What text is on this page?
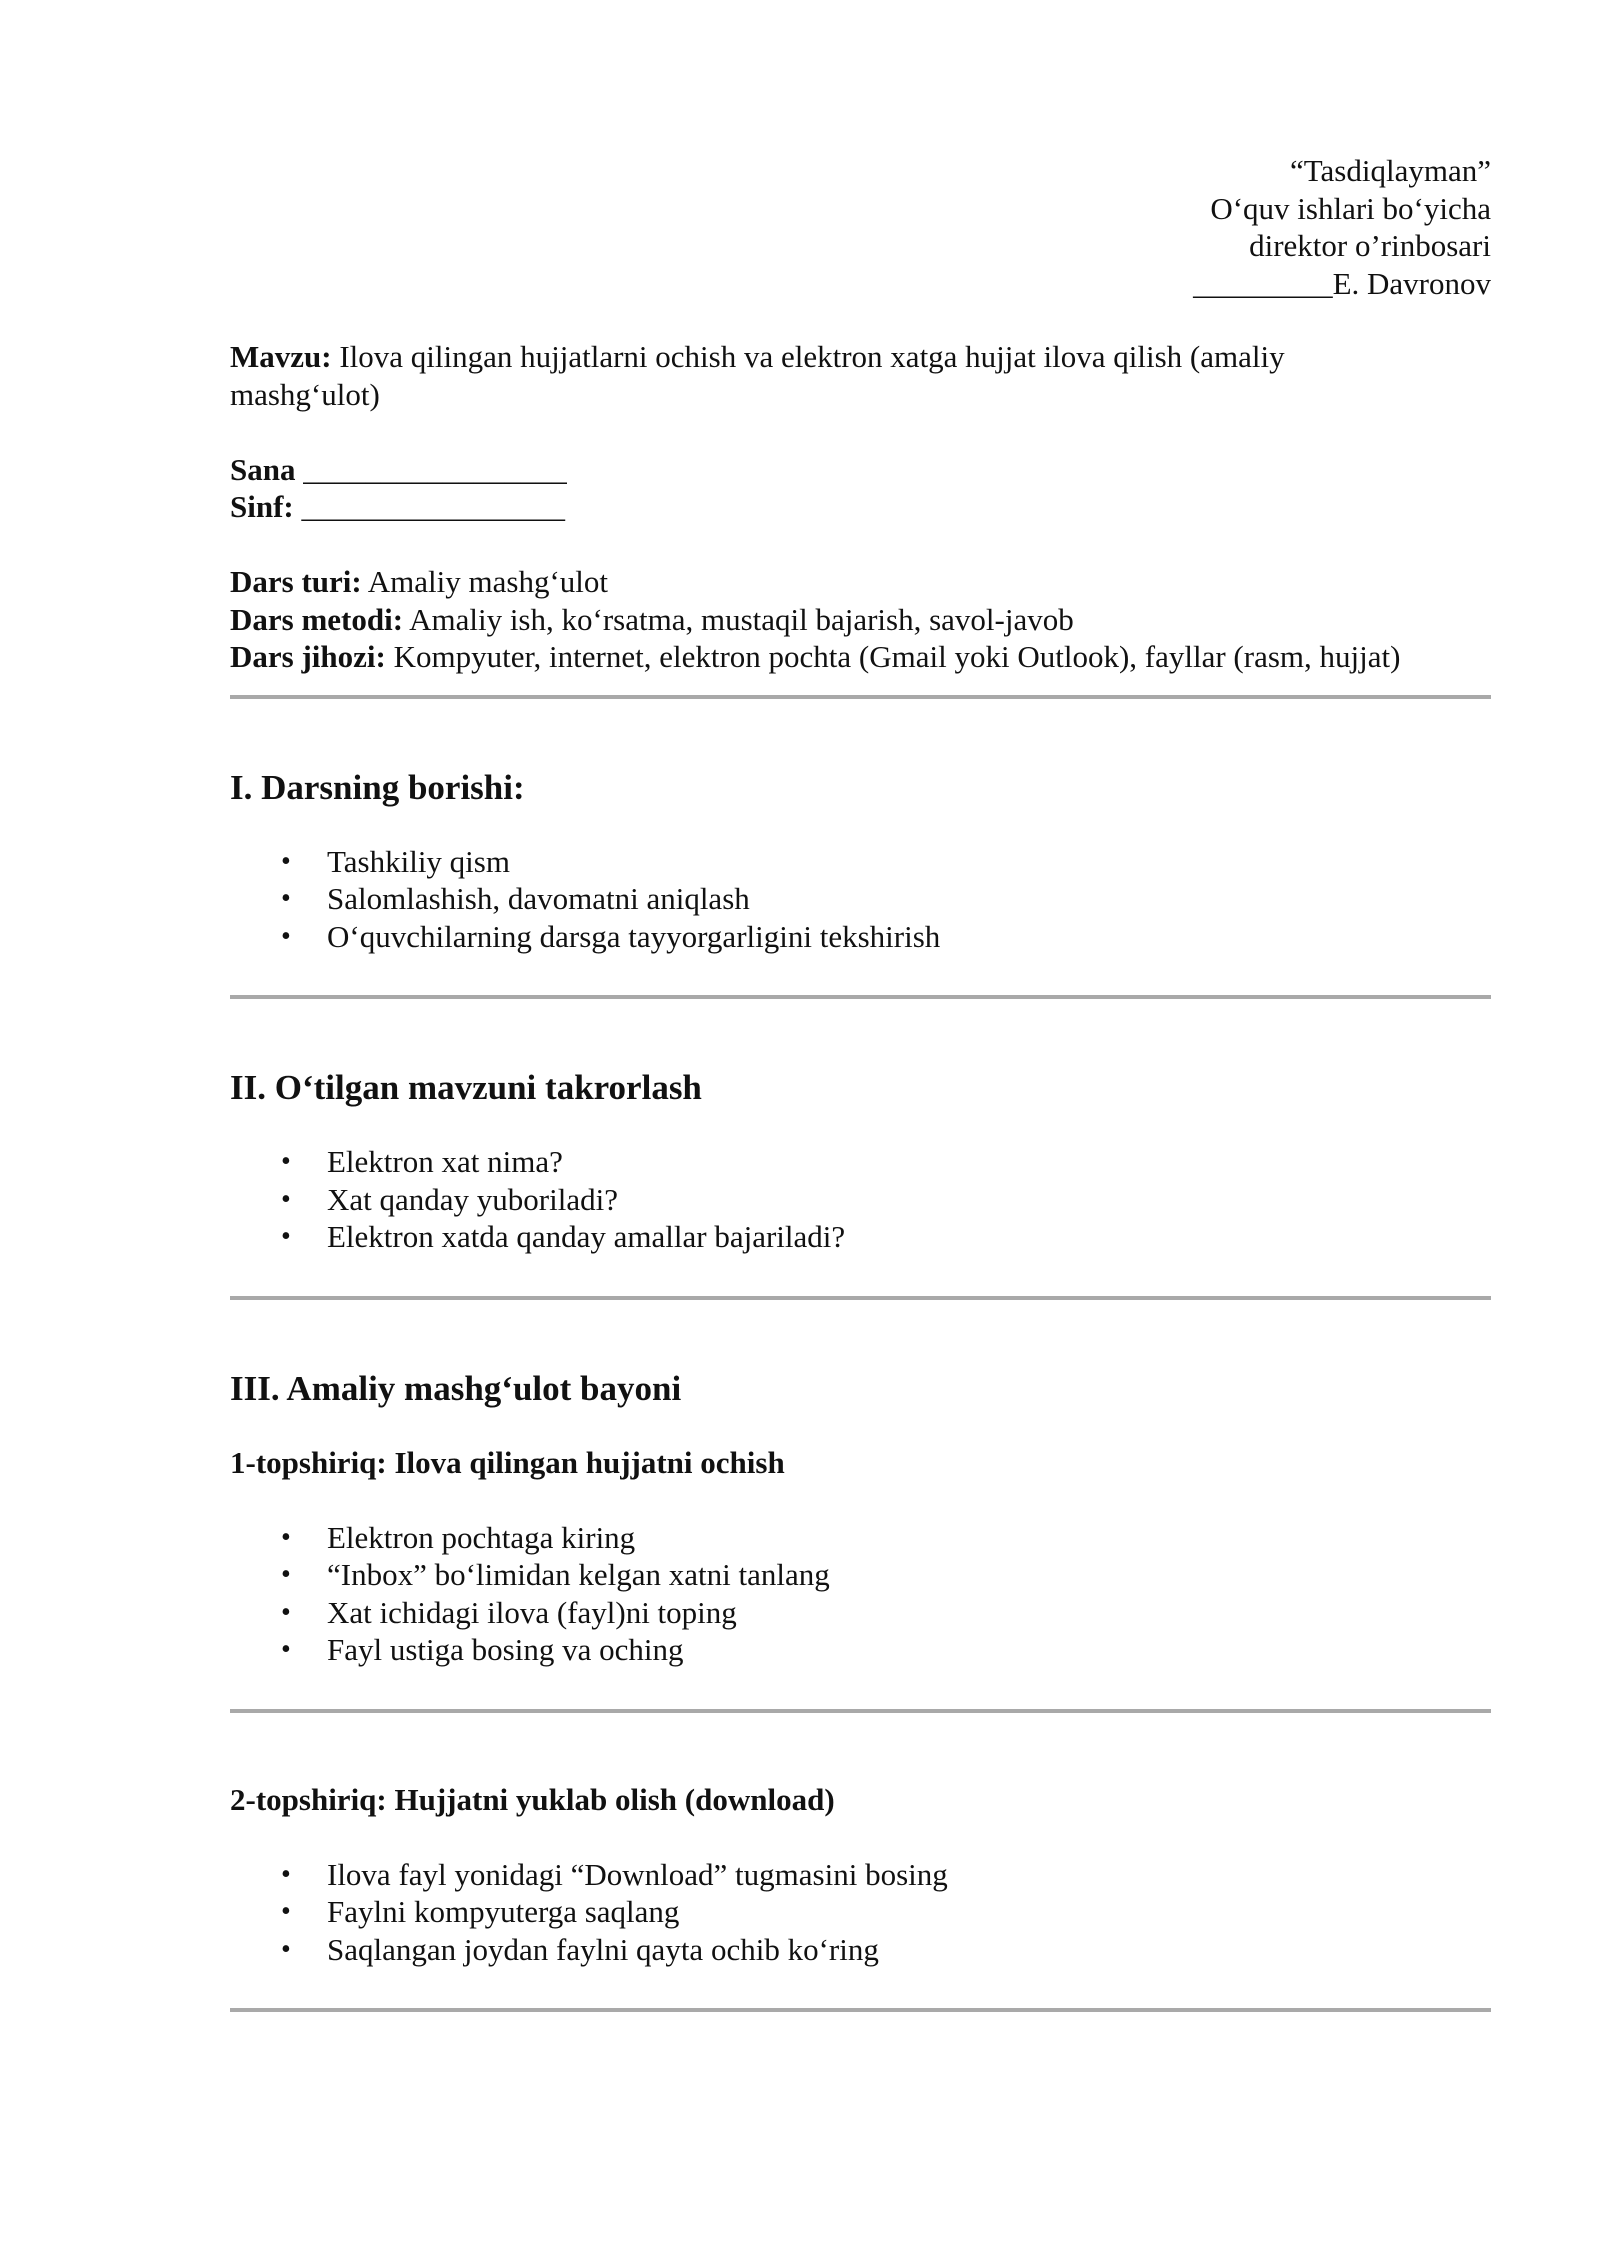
“Tasdiqlayman”
O‘quv ishlari bo‘yicha
direktor o’rinbosari
_________E. Davronov
Mavzu: Ilova qilingan hujjatlarni ochish va elektron xatga hujjat ilova qilish (amaliy
mashg‘ulot)
Sana _________________
Sinf: _________________
Dars turi: Amaliy mashg‘ulot
Dars metodi: Amaliy ish, ko‘rsatma, mustaqil bajarish, savol-javob
Dars jihozi: Kompyuter, internet, elektron pochta (Gmail yoki Outlook), fayllar (rasm, hujjat)
I. Darsning borishi:
• Tashkiliy qism
• Salomlashish, davomatni aniqlash
• O‘quvchilarning darsga tayyorgarligini tekshirish
II. O‘tilgan mavzuni takrorlash
• Elektron xat nima?
• Xat qanday yuboriladi?
• Elektron xatda qanday amallar bajariladi?
III. Amaliy mashg‘ulot bayoni
1-topshiriq: Ilova qilingan hujjatni ochish
• Elektron pochtaga kiring
• “Inbox” bo‘limidan kelgan xatni tanlang
• Xat ichidagi ilova (fayl)ni toping
• Fayl ustiga bosing va oching
2-topshiriq: Hujjatni yuklab olish (download)
• Ilova fayl yonidagi “Download” tugmasini bosing
• Faylni kompyuterga saqlang
• Saqlangan joydan faylni qayta ochib ko‘ring
